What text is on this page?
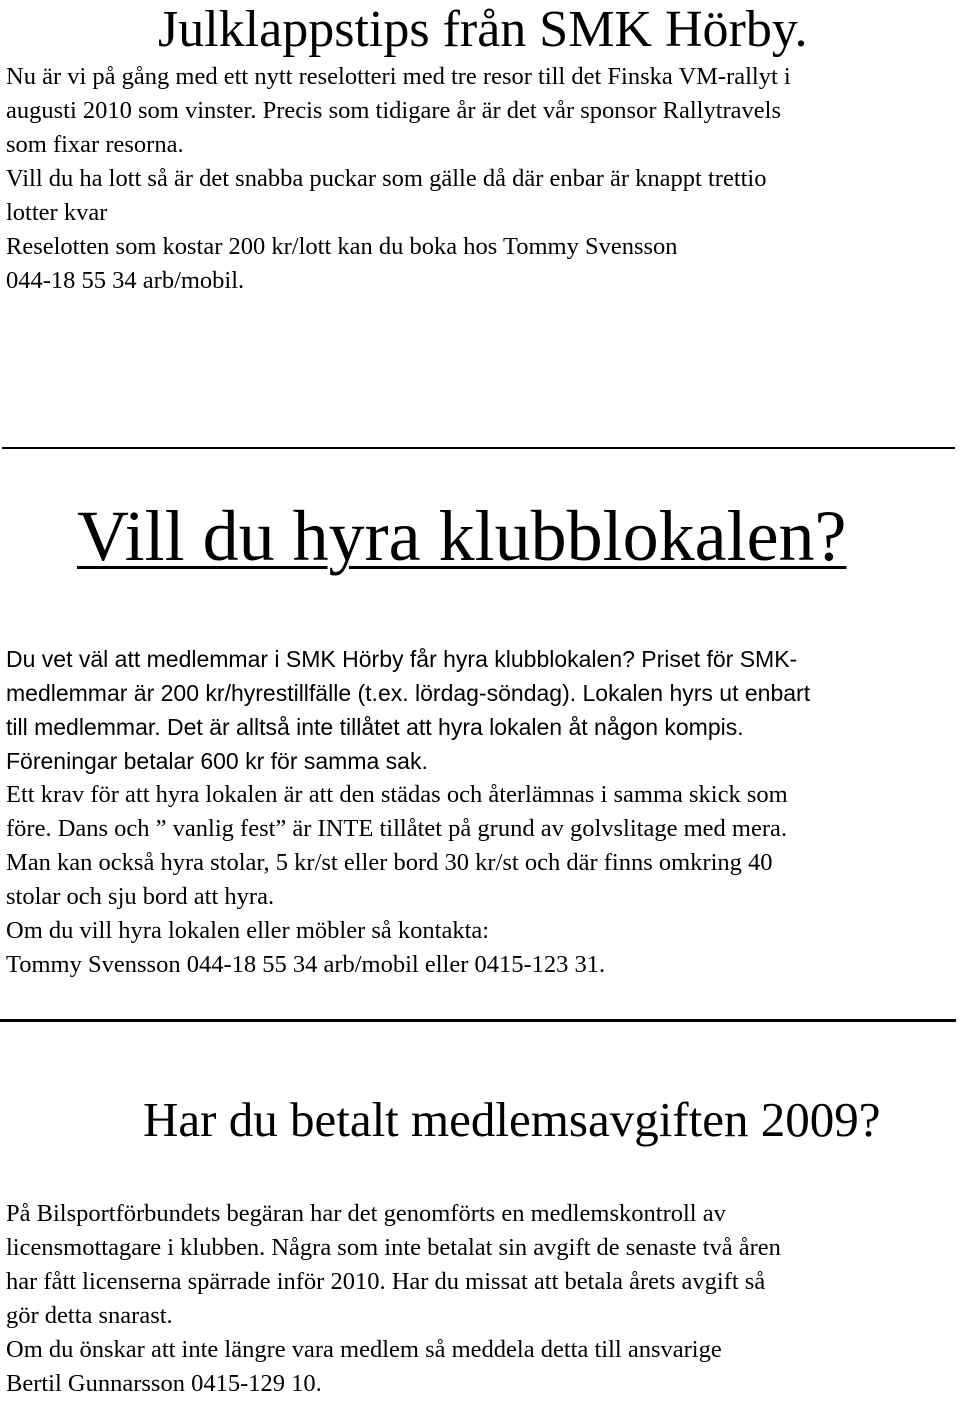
Julklappstips från SMK Hörby.
Nu är vi på gång med ett nytt reselotteri med tre resor till det Finska VM-rallyt i
augusti 2010 som vinster. Precis som tidigare år är det vår sponsor Rallytravels
som fixar resorna.
Vill du ha lott så är det snabba puckar som gälle då där enbar är knappt trettio
lotter kvar
Reselotten som kostar 200 kr/lott kan du boka hos Tommy Svensson
044-18 55 34 arb/mobil.
Vill du hyra klubblokalen?
Du vet väl att medlemmar i SMK Hörby får hyra klubblokalen? Priset för SMK-
medlemmar är 200 kr/hyrestillfälle (t.ex. lördag-söndag). Lokalen hyrs ut enbart
till medlemmar. Det är alltså inte tillåtet att hyra lokalen åt någon kompis.
Föreningar betalar 600 kr för samma sak.
Ett krav för att hyra lokalen är att den städas och återlämnas i samma skick som
före. Dans och ” vanlig fest” är INTE tillåtet på grund av golvslitage med mera.
Man kan också hyra stolar, 5 kr/st eller bord 30 kr/st och där finns omkring 40
stolar och sju bord att hyra.
Om du vill hyra lokalen eller möbler så kontakta:
Tommy Svensson 044-18 55 34 arb/mobil eller 0415-123 31.
Har du betalt medlemsavgiften 2009?
På Bilsportförbundets begäran har det genomförts en medlemskontroll av
licensmottagare i klubben. Några som inte betalat sin avgift de senaste två åren
har fått licenserna spärrade inför 2010. Har du missat att betala årets avgift så
gör detta snarast.
Om du önskar att inte längre vara medlem så meddela detta till ansvarige
Bertil Gunnarsson 0415-129 10.
